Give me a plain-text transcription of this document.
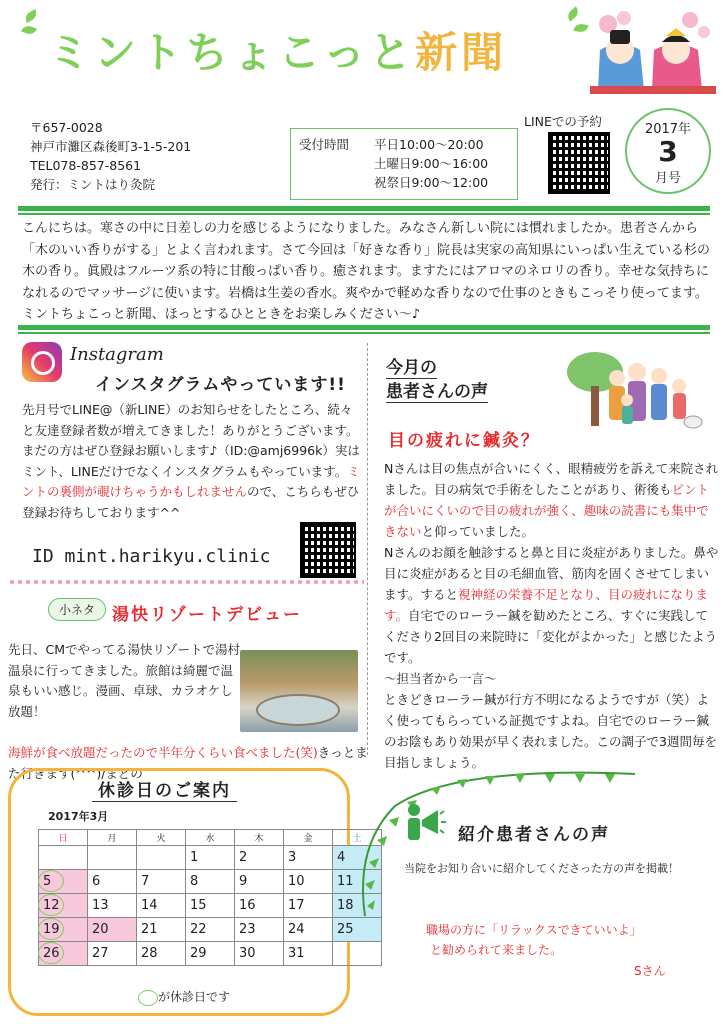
ミントちょこっと新聞
〒657-0028
神戸市灘区森後町3-1-5-201
TEL078-857-8561
発行：ミントはり灸院
受付時間	平日 10:00～20:00
土曜日 9:00～16:00
祝祭日 9:00～12:00
LINEでの予約
2017年
3
月号
こんにちは。寒さの中に日差しの力を感じるようになりました。みなさん新しい院には慣れましたか。患者さんから「木のいい香りがする」とよく言われます。さて今回は「好きな香り」院長は実家の高知県にいっぱい生えている杉の木の香り。眞殿はフルーツ系の特に甘酸っぱい香り。癒されます。ますたにはアロマのネロリの香り。幸せな気持ちになれるのでマッサージに使います。岩橋は生姜の香水。爽やかで軽めな香りなので仕事のときもこっそり使ってます。ミントちょこっと新聞、ほっとするひとときをお楽しみください～♪
Instagram
インスタグラムやっています!!
先月号でLINE@（新LINE）のお知らせをしたところ、続々と友達登録者数が増えてきました！ありがとうございます。まだの方はぜひ登録お願いします♪（ID:@amj6996k）実はミント、LINEだけでなくインスタグラムもやっています。ミントの裏側が覗けちゃうかもしれませんので、こちらもぜひ登録お待ちしております^^
ID mint.harikyu.clinic
小ネタ 湯快リゾートデビュー
先日、CMでやってる湯快リゾートで湯村温泉に行ってきました。旅館は綺麗で温泉もいい感じ。漫画、卓球、カラオケし放題！
海鮮が食べ放題だったので半年分くらい食べました(笑)きっとまた行きます(^^)/まどの
今月の
患者さんの声
目の疲れに鍼灸？
Nさんは目の焦点が合いにくく、眼精疲労を訴えて来院されました。目の病気で手術をしたことがあり、術後もピントが合いにくいので目の疲れが強く、趣味の読書にも集中できないと仰っていました。
Nさんのお顔を触診すると鼻と目に炎症がありました。鼻や目に炎症があると目の毛細血管、筋肉を固くさせてしまいます。すると視神経の栄養不足となり、目の疲れになります。自宅でのローラー鍼を勧めたところ、すぐに実践してくださり2回目の来院時に「変化がよかった」と感じたようです。
～担当者から一言～
ときどきローラー鍼が行方不明になるようですが（笑）よく使ってもらっている証拠ですよね。自宅でのローラー鍼のお陰もあり効果が早く表れました。この調子で3週間毎を目指しましょう。
休診日のご案内
2017年3月
日	月	火	水	木	金	土
			1	2	3	4
5	6	7	8	9	10	11
12	13	14	15	16	17	18
19	20	21	22	23	24	25
26	27	28	29	30	31	
が休診日です
紹介患者さんの声
当院をお知り合いに紹介してくださった方の声を掲載！
職場の方に「リラックスできていいよ」
と勧められて来ました。
Sさん
